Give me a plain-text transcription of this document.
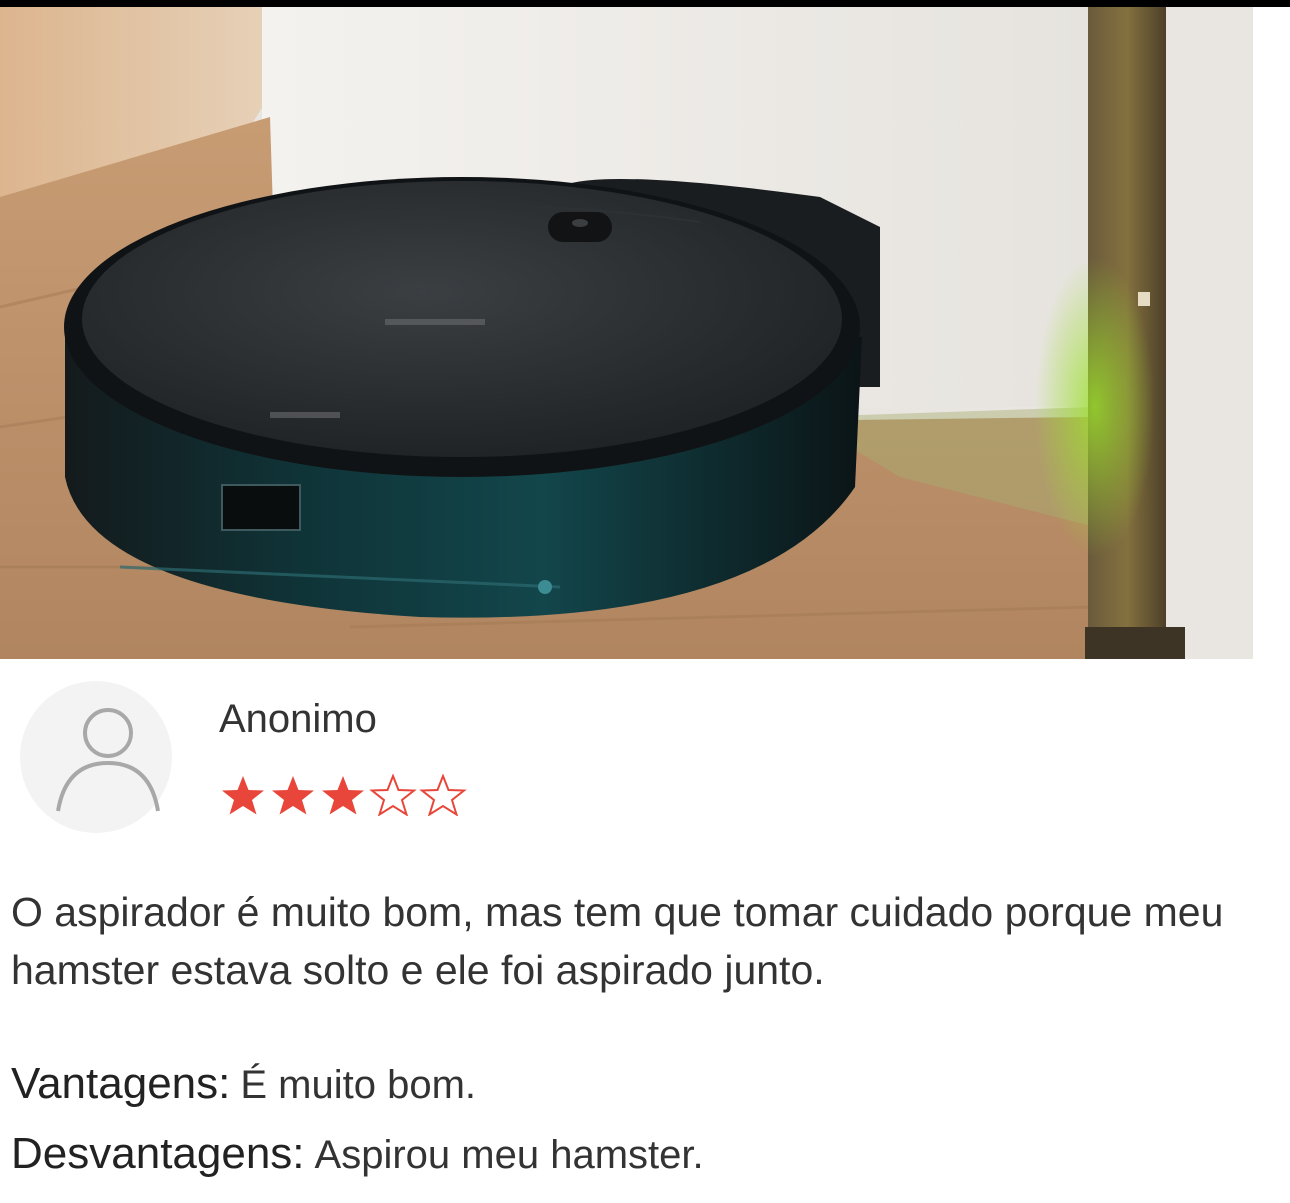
Anonimo

O aspirador é muito bom, mas tem que tomar cuidado porque meu hamster estava solto e ele foi aspirado junto.

Vantagens: É muito bom.
Desvantagens: Aspirou meu hamster.
